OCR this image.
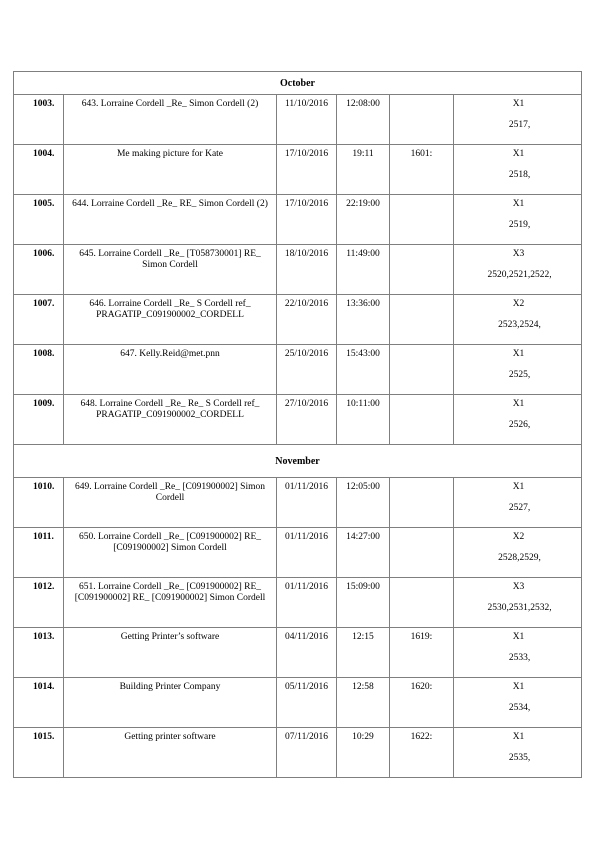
October					
1003.	643. Lorraine Cordell _Re_ Simon Cordell (2)	11/10/2016	12:08:00		X1
2517,

1004.	Me making picture for Kate	17/10/2016	19:11	1601:	X1
2518,

1005.	644. Lorraine Cordell _Re_ RE_ Simon Cordell (2)	17/10/2016	22:19:00		X1
2519,

1006.	645. Lorraine Cordell _Re_ [T058730001] RE_ Simon Cordell	18/10/2016	11:49:00		X3
2520,2521,2522,

1007.	646. Lorraine Cordell _Re_ S Cordell ref_ PRAGATIP_C091900002_CORDELL	22/10/2016	13:36:00		X2
2523,2524,

1008.	647. Kelly.Reid@met.pnn	25/10/2016	15:43:00		X1
2525,

1009.	648. Lorraine Cordell _Re_ Re_ S Cordell ref_ PRAGATIP_C091900002_CORDELL	27/10/2016	10:11:00		X1
2526,

November					
1010.	649. Lorraine Cordell _Re_ [C091900002] Simon Cordell	01/11/2016	12:05:00		X1
2527,

1011.	650. Lorraine Cordell _Re_ [C091900002] RE_ [C091900002] Simon Cordell	01/11/2016	14:27:00		X2
2528,2529,

1012.	651. Lorraine Cordell _Re_ [C091900002] RE_ [C091900002] RE_ [C091900002] Simon Cordell	01/11/2016	15:09:00		X3
2530,2531,2532,

1013.	Getting Printer’s software	04/11/2016	12:15	1619:	X1
2533,

1014.	Building Printer Company	05/11/2016	12:58	1620:	X1
2534,

1015.	Getting printer software	07/11/2016	10:29	1622:	X1
2535,
